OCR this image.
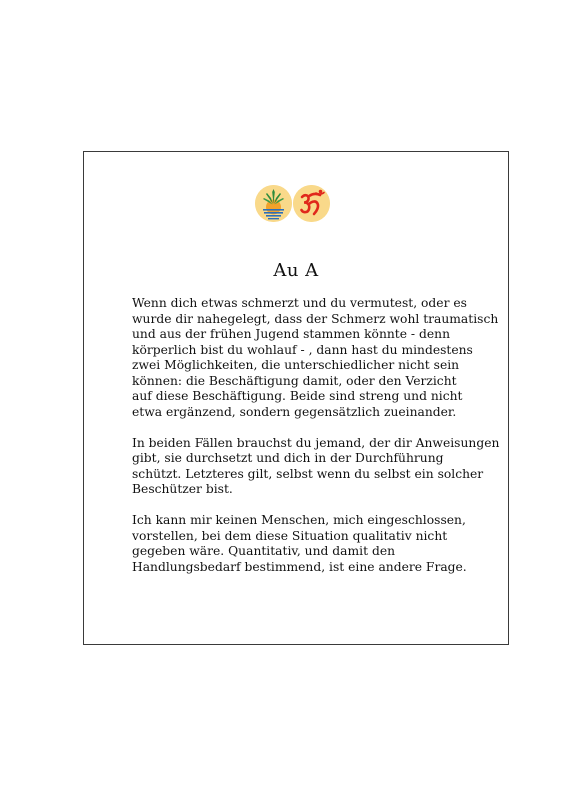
Au A

Wenn dich etwas schmerzt und du vermutest, oder es
wurde dir nahegelegt, dass der Schmerz wohl traumatisch
und aus der frühen Jugend stammen könnte - denn
körperlich bist du wohlauf - , dann hast du mindestens
zwei Möglichkeiten, die unterschiedlicher nicht sein
können: die Beschäftigung damit, oder den Verzicht
auf diese Beschäftigung. Beide sind streng und nicht
etwa ergänzend, sondern gegensätzlich zueinander.

In beiden Fällen brauchst du jemand, der dir Anweisungen
gibt, sie durchsetzt und dich in der Durchführung
schützt. Letzteres gilt, selbst wenn du selbst ein solcher
Beschützer bist.

Ich kann mir keinen Menschen, mich eingeschlossen,
vorstellen, bei dem diese Situation qualitativ nicht
gegeben wäre. Quantitativ, und damit den
Handlungsbedarf bestimmend, ist eine andere Frage.
